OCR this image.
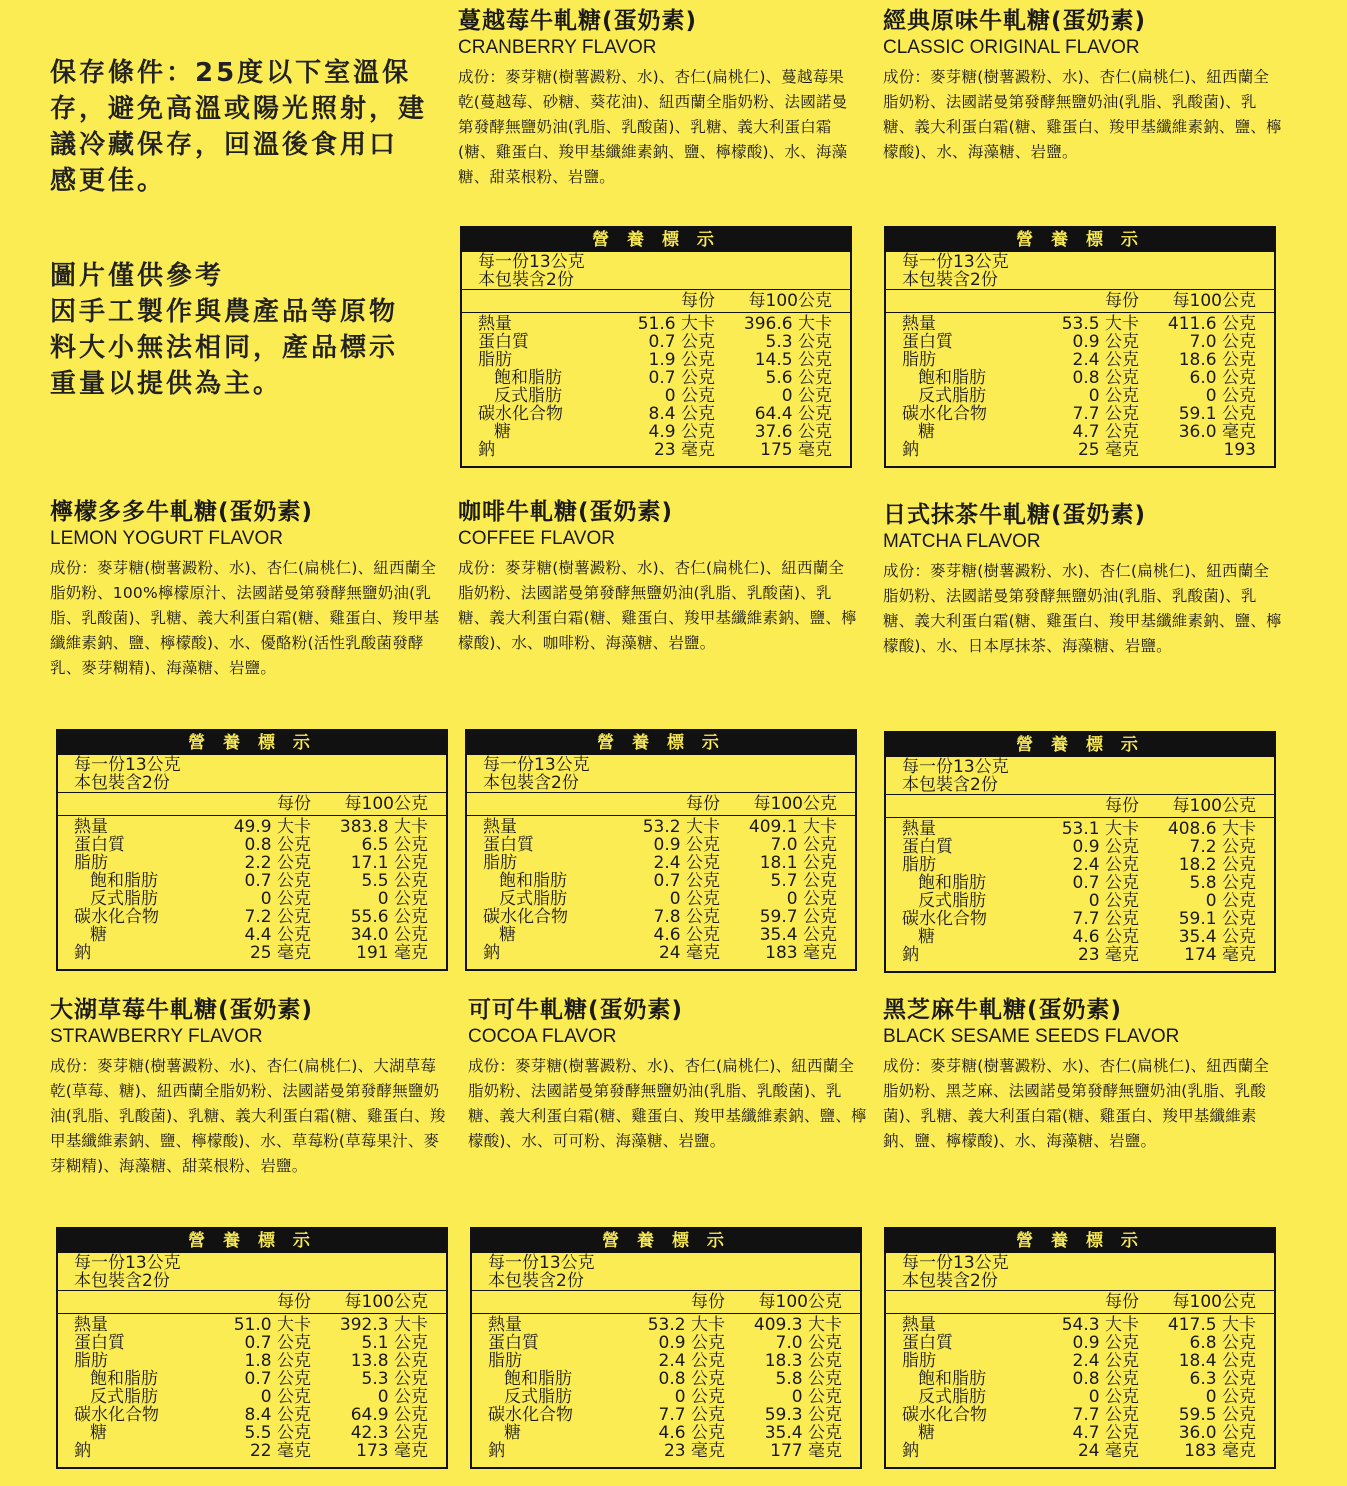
保存條件：25度以下室溫保
存，避免高溫或陽光照射，建
議冷藏保存，回溫後食用口
感更佳。
圖片僅供參考
因手工製作與農產品等原物
料大小無法相同，產品標示
重量以提供為主。
蔓越莓牛軋糖(蛋奶素)
CRANBERRY FLAVOR
成份：麥芽糖(樹薯澱粉、水)、杏仁(扁桃仁)、蔓越莓果乾(蔓越莓、砂糖、葵花油)、紐西蘭全脂奶粉、法國諾曼第發酵無鹽奶油(乳脂、乳酸菌)、乳糖、義大利蛋白霜(糖、雞蛋白、羧甲基纖維素鈉、鹽、檸檬酸)、水、海藻糖、甜菜根粉、岩鹽。
營 養 標 示
每一份13公克
本包裝含2份
每份	每100公克
熱量	51.6 大卡	396.6 大卡
蛋白質	0.7 公克	5.3 公克
脂肪	1.9 公克	14.5 公克
飽和脂肪	0.7 公克	5.6 公克
反式脂肪	0 公克	0 公克
碳水化合物	8.4 公克	64.4 公克
糖	4.9 公克	37.6 公克
鈉	23 毫克	175 毫克
經典原味牛軋糖(蛋奶素)
CLASSIC ORIGINAL FLAVOR
成份：麥芽糖(樹薯澱粉、水)、杏仁(扁桃仁)、紐西蘭全脂奶粉、法國諾曼第發酵無鹽奶油(乳脂、乳酸菌)、乳糖、義大利蛋白霜(糖、雞蛋白、羧甲基纖維素鈉、鹽、檸檬酸)、水、海藻糖、岩鹽。
營 養 標 示
每一份13公克
本包裝含2份
每份	每100公克
熱量	53.5 大卡	411.6 公克
蛋白質	0.9 公克	7.0 公克
脂肪	2.4 公克	18.6 公克
飽和脂肪	0.8 公克	6.0 公克
反式脂肪	0 公克	0 公克
碳水化合物	7.7 公克	59.1 公克
糖	4.7 公克	36.0 毫克
鈉	25 毫克	193
檸檬多多牛軋糖(蛋奶素)
LEMON YOGURT FLAVOR
成份：麥芽糖(樹薯澱粉、水)、杏仁(扁桃仁)、紐西蘭全脂奶粉、100%檸檬原汁、法國諾曼第發酵無鹽奶油(乳脂、乳酸菌)、乳糖、義大利蛋白霜(糖、雞蛋白、羧甲基纖維素鈉、鹽、檸檬酸)、水、優酪粉(活性乳酸菌發酵乳、麥芽糊精)、海藻糖、岩鹽。
營 養 標 示
每一份13公克
本包裝含2份
每份	每100公克
熱量	49.9 大卡	383.8 大卡
蛋白質	0.8 公克	6.5 公克
脂肪	2.2 公克	17.1 公克
飽和脂肪	0.7 公克	5.5 公克
反式脂肪	0 公克	0 公克
碳水化合物	7.2 公克	55.6 公克
糖	4.4 公克	34.0 公克
鈉	25 毫克	191 毫克
咖啡牛軋糖(蛋奶素)
COFFEE FLAVOR
成份：麥芽糖(樹薯澱粉、水)、杏仁(扁桃仁)、紐西蘭全脂奶粉、法國諾曼第發酵無鹽奶油(乳脂、乳酸菌)、乳糖、義大利蛋白霜(糖、雞蛋白、羧甲基纖維素鈉、鹽、檸檬酸)、水、咖啡粉、海藻糖、岩鹽。
營 養 標 示
每一份13公克
本包裝含2份
每份	每100公克
熱量	53.2 大卡	409.1 大卡
蛋白質	0.9 公克	7.0 公克
脂肪	2.4 公克	18.1 公克
飽和脂肪	0.7 公克	5.7 公克
反式脂肪	0 公克	0 公克
碳水化合物	7.8 公克	59.7 公克
糖	4.6 公克	35.4 公克
鈉	24 毫克	183 毫克
日式抹茶牛軋糖(蛋奶素)
MATCHA FLAVOR
成份：麥芽糖(樹薯澱粉、水)、杏仁(扁桃仁)、紐西蘭全脂奶粉、法國諾曼第發酵無鹽奶油(乳脂、乳酸菌)、乳糖、義大利蛋白霜(糖、雞蛋白、羧甲基纖維素鈉、鹽、檸檬酸)、水、日本厚抹茶、海藻糖、岩鹽。
營 養 標 示
每一份13公克
本包裝含2份
每份	每100公克
熱量	53.1 大卡	408.6 大卡
蛋白質	0.9 公克	7.2 公克
脂肪	2.4 公克	18.2 公克
飽和脂肪	0.7 公克	5.8 公克
反式脂肪	0 公克	0 公克
碳水化合物	7.7 公克	59.1 公克
糖	4.6 公克	35.4 公克
鈉	23 毫克	174 毫克
大湖草莓牛軋糖(蛋奶素)
STRAWBERRY FLAVOR
成份：麥芽糖(樹薯澱粉、水)、杏仁(扁桃仁)、大湖草莓乾(草莓、糖)、紐西蘭全脂奶粉、法國諾曼第發酵無鹽奶油(乳脂、乳酸菌)、乳糖、義大利蛋白霜(糖、雞蛋白、羧甲基纖維素鈉、鹽、檸檬酸)、水、草莓粉(草莓果汁、麥芽糊精)、海藻糖、甜菜根粉、岩鹽。
營 養 標 示
每一份13公克
本包裝含2份
每份	每100公克
熱量	51.0 大卡	392.3 大卡
蛋白質	0.7 公克	5.1 公克
脂肪	1.8 公克	13.8 公克
飽和脂肪	0.7 公克	5.3 公克
反式脂肪	0 公克	0 公克
碳水化合物	8.4 公克	64.9 公克
糖	5.5 公克	42.3 公克
鈉	22 毫克	173 毫克
可可牛軋糖(蛋奶素)
COCOA FLAVOR
成份：麥芽糖(樹薯澱粉、水)、杏仁(扁桃仁)、紐西蘭全脂奶粉、法國諾曼第發酵無鹽奶油(乳脂、乳酸菌)、乳糖、義大利蛋白霜(糖、雞蛋白、羧甲基纖維素鈉、鹽、檸檬酸)、水、可可粉、海藻糖、岩鹽。
營 養 標 示
每一份13公克
本包裝含2份
每份	每100公克
熱量	53.2 大卡	409.3 大卡
蛋白質	0.9 公克	7.0 公克
脂肪	2.4 公克	18.3 公克
飽和脂肪	0.8 公克	5.8 公克
反式脂肪	0 公克	0 公克
碳水化合物	7.7 公克	59.3 公克
糖	4.6 公克	35.4 公克
鈉	23 毫克	177 毫克
黑芝麻牛軋糖(蛋奶素)
BLACK SESAME SEEDS FLAVOR
成份：麥芽糖(樹薯澱粉、水)、杏仁(扁桃仁)、紐西蘭全脂奶粉、黑芝麻、法國諾曼第發酵無鹽奶油(乳脂、乳酸菌)、乳糖、義大利蛋白霜(糖、雞蛋白、羧甲基纖維素鈉、鹽、檸檬酸)、水、海藻糖、岩鹽。
營 養 標 示
每一份13公克
本包裝含2份
每份	每100公克
熱量	54.3 大卡	417.5 大卡
蛋白質	0.9 公克	6.8 公克
脂肪	2.4 公克	18.4 公克
飽和脂肪	0.8 公克	6.3 公克
反式脂肪	0 公克	0 公克
碳水化合物	7.7 公克	59.5 公克
糖	4.7 公克	36.0 公克
鈉	24 毫克	183 毫克
